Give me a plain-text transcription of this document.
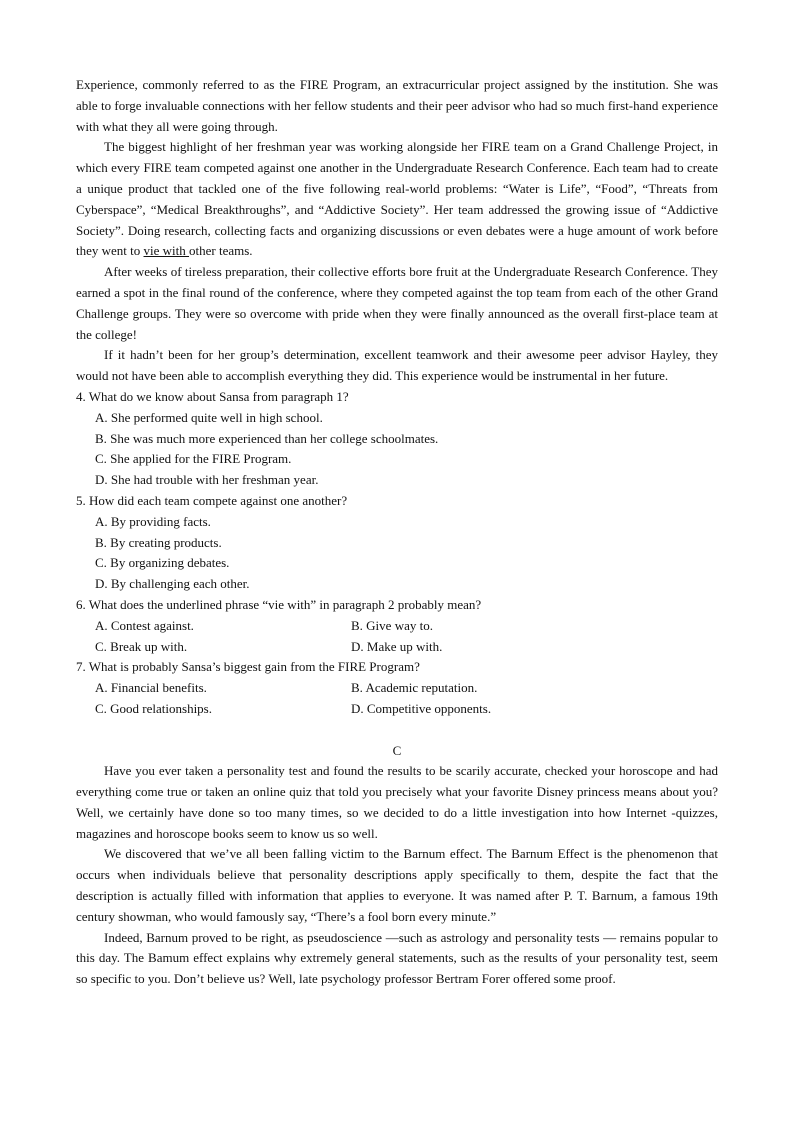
Experience, commonly referred to as the FIRE Program, an extracurricular project assigned by the institution. She was able to forge invaluable connections with her fellow students and their peer advisor who had so much first-hand experience with what they all were going through.

The biggest highlight of her freshman year was working alongside her FIRE team on a Grand Challenge Project, in which every FIRE team competed against one another in the Undergraduate Research Conference. Each team had to create a unique product that tackled one of the five following real-world problems: “Water is Life”, “Food”, “Threats from Cyberspace”, “Medical Breakthroughs”, and “Addictive Society”. Her team addressed the growing issue of “Addictive Society”. Doing research, collecting facts and organizing discussions or even debates were a huge amount of work before they went to vie with other teams.

After weeks of tireless preparation, their collective efforts bore fruit at the Undergraduate Research Conference. They earned a spot in the final round of the conference, where they competed against the top team from each of the other Grand Challenge groups. They were so overcome with pride when they were finally announced as the overall first-place team at the college!

If it hadn’t been for her group’s determination, excellent teamwork and their awesome peer advisor Hayley, they would not have been able to accomplish everything they did. This experience would be instrumental in her future.

4. What do we know about Sansa from paragraph 1?
A. She performed quite well in high school.
B. She was much more experienced than her college schoolmates.
C. She applied for the FIRE Program.
D. She had trouble with her freshman year.
5. How did each team compete against one another?
A. By providing facts.
B. By creating products.
C. By organizing debates.
D. By challenging each other.
6. What does the underlined phrase “vie with” in paragraph 2 probably mean?
A. Contest against.	B. Give way to.
C. Break up with.	D. Make up with.
7. What is probably Sansa’s biggest gain from the FIRE Program?
A. Financial benefits.	B. Academic reputation.
C. Good relationships.	D. Competitive opponents.
C

Have you ever taken a personality test and found the results to be scarily accurate, checked your horoscope and had everything come true or taken an online quiz that told you precisely what your favorite Disney princess means about you? Well, we certainly have done so too many times, so we decided to do a little investigation into how Internet -quizzes, magazines and horoscope books seem to know us so well.

We discovered that we’ve all been falling victim to the Barnum effect. The Barnum Effect is the phenomenon that occurs when individuals believe that personality descriptions apply specifically to them, despite the fact that the description is actually filled with information that applies to everyone. It was named after P. T. Barnum, a famous 19th century showman, who would famously say, “There’s a fool born every minute.”

Indeed, Barnum proved to be right, as pseudoscience —such as astrology and personality tests — remains popular to this day. The Bamum effect explains why extremely general statements, such as the results of your personality test, seem so specific to you. Don’t believe us? Well, late psychology professor Bertram Forer offered some proof.
